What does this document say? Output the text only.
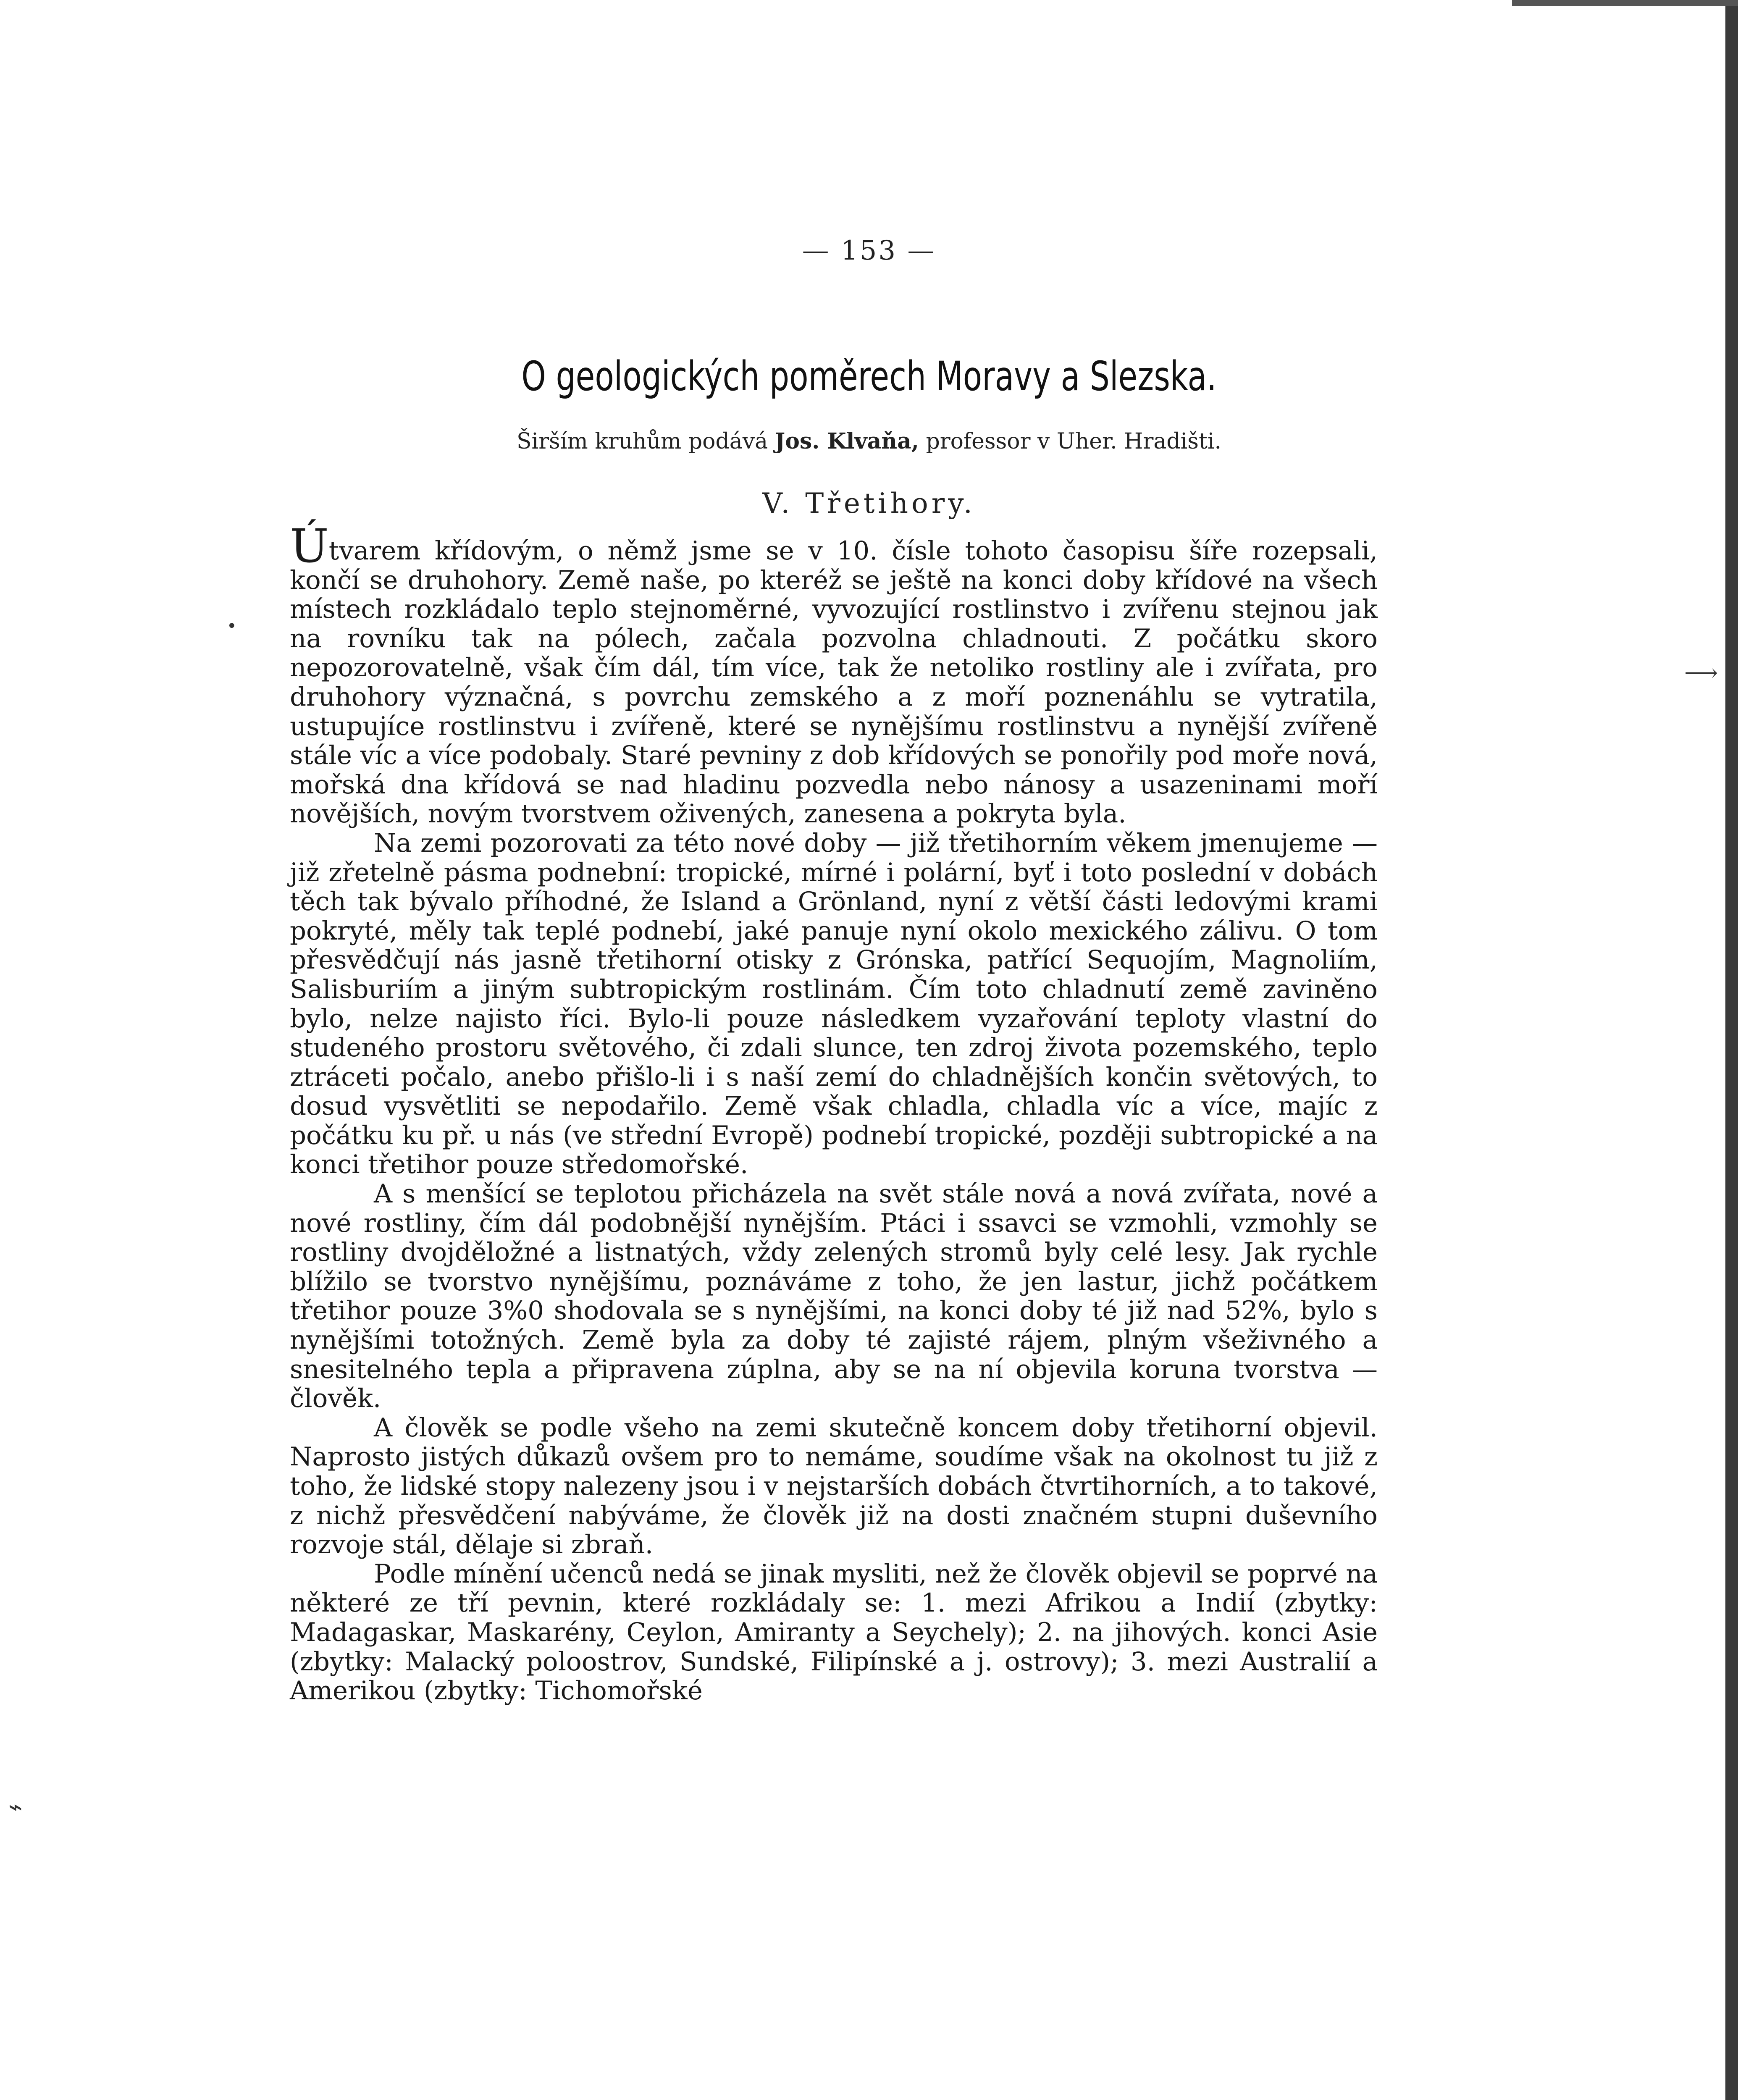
•
⟶
⌁
— 153 —
O geologických poměrech Moravy a Slezska.
Širším kruhům podává Jos. Klvaňa, professor v Uher. Hradišti.
V. Třetihory.

Útvarem křídovým, o němž jsme se v 10. čísle tohoto časopisu šíře rozepsali, končí se druhohory. Země naše, po kteréž se ještě na konci doby křídové na všech místech rozkládalo teplo stejnoměrné, vyvozující rostlinstvo i zvířenu stejnou jak na rovníku tak na pólech, začala pozvolna chladnouti. Z počátku skoro nepozorovatelně, však čím dál, tím více, tak že netoliko rostliny ale i zvířata, pro druhohory význačná, s povrchu zemského a z moří poznenáhlu se vytratila, ustupujíce rostlinstvu i zvířeně, které se nynějšímu rostlinstvu a nynější zvířeně stále víc a více podobaly. Staré pevniny z dob křídových se ponořily pod moře nová, mořská dna křídová se nad hladinu pozvedla nebo nánosy a usazeninami moří novějších, novým tvorstvem oživených, zanesena a pokryta byla.

Na zemi pozorovati za této nové doby — již třetihorním věkem jmenujeme — již zřetelně pásma podnební: tropické, mírné i polární, byť i toto poslední v dobách těch tak bývalo příhodné, že Island a Grönland, nyní z větší části ledovými krami pokryté, měly tak teplé podnebí, jaké panuje nyní okolo mexického zálivu. O tom přesvědčují nás jasně třetihorní otisky z Grónska, patřící Sequojím, Magnoliím, Salisburiím a jiným subtropickým rostlinám. Čím toto chladnutí země zaviněno bylo, nelze najisto říci. Bylo-li pouze následkem vyzařování teploty vlastní do studeného prostoru světového, či zdali slunce, ten zdroj života pozemského, teplo ztráceti počalo, anebo přišlo-li i s naší zemí do chladnějších končin světových, to dosud vysvětliti se nepodařilo. Země však chladla, chladla víc a více, majíc z počátku ku př. u nás (ve střední Evropě) podnebí tropické, později subtropické a na konci třetihor pouze středomořské.

A s menšící se teplotou přicházela na svět stále nová a nová zvířata, nové a nové rostliny, čím dál podobnější nynějším. Ptáci i ssavci se vzmohli, vzmohly se rostliny dvojděložné a listnatých, vždy zelených stromů byly celé lesy. Jak rychle blížilo se tvorstvo nynějšímu, poznáváme z toho, že jen lastur, jichž počátkem třetihor pouze 3%0 shodovala se s nynějšími, na konci doby té již nad 52%, bylo s nynějšími totožných. Země byla za doby té zajisté rájem, plným všeživného a snesitelného tepla a připravena zúplna, aby se na ní objevila koruna tvorstva — člověk.

A člověk se podle všeho na zemi skutečně koncem doby třetihorní objevil. Naprosto jistých důkazů ovšem pro to nemáme, soudíme však na okolnost tu již z toho, že lidské stopy nalezeny jsou i v nejstarších dobách čtvrtihorních, a to takové, z nichž přesvědčení nabýváme, že člověk již na dosti značném stupni duševního rozvoje stál, dělaje si zbraň.

Podle mínění učenců nedá se jinak mysliti, než že člověk objevil se poprvé na některé ze tří pevnin, které rozkládaly se: 1. mezi Afrikou a Indií (zbytky: Madagaskar, Maskarény, Ceylon, Amiranty a Seychely); 2. na jihových. konci Asie (zbytky: Malacký poloostrov, Sundské, Filipínské a j. ostrovy); 3. mezi Australií a Amerikou (zbytky: Tichomořské
